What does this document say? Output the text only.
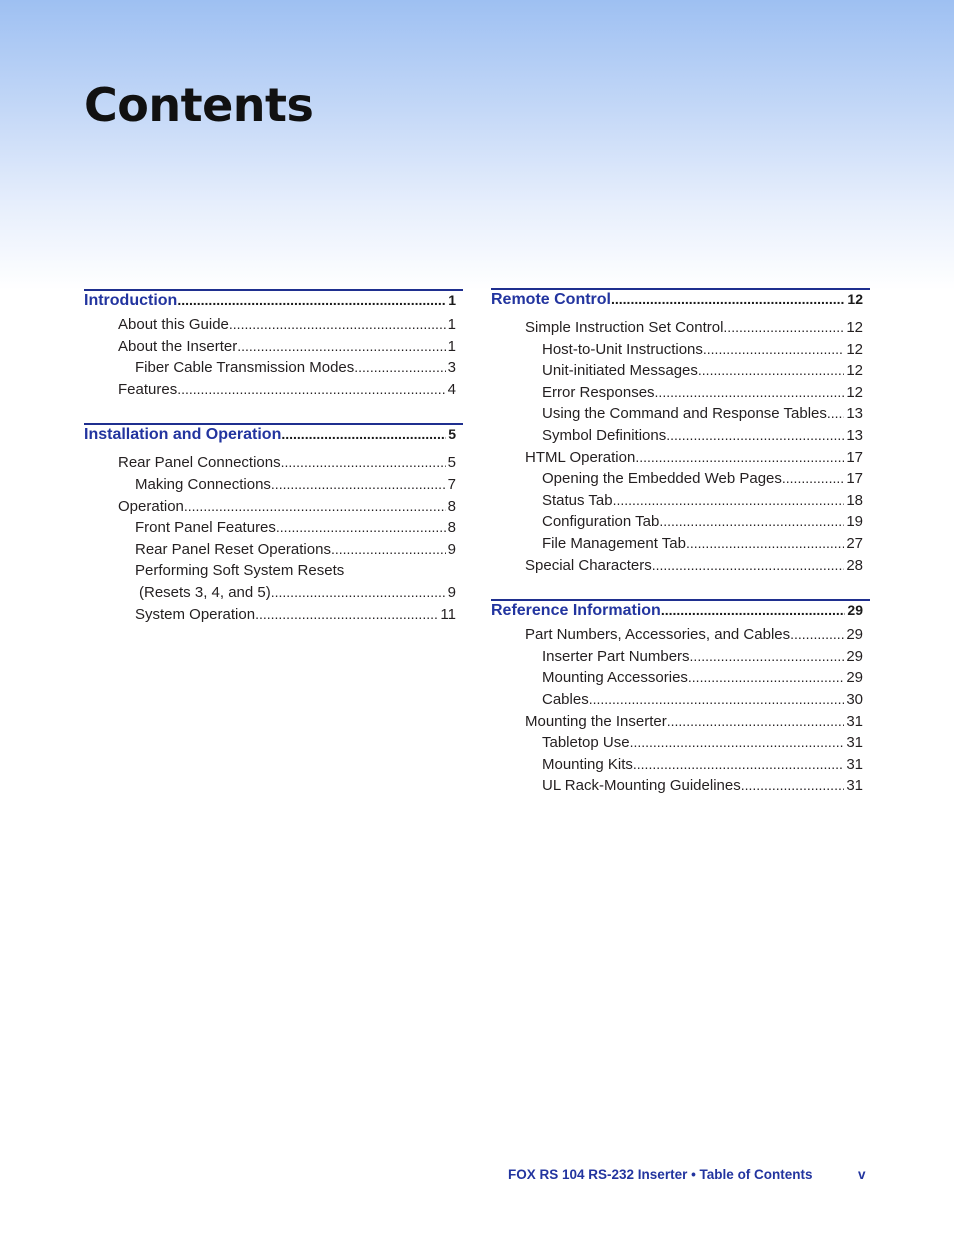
Contents
Introduction .....	1
About this Guide .....	1
About the Inserter .....	1
Fiber Cable Transmission Modes .....	3
Features .....	4
Installation and Operation .....	5
Rear Panel Connections .....	5
Making Connections .....	7
Operation .....	8
Front Panel Features .....	8
Rear Panel Reset Operations .....	9
Performing Soft System Resets
(Resets 3, 4, and 5) .....	9
System Operation .....	11
Remote Control .....	12
Simple Instruction Set Control .....	12
Host-to-Unit Instructions .....	12
Unit-initiated Messages .....	12
Error Responses .....	12
Using the Command and Response Tables ..... 13
Symbol Definitions .....	13
HTML Operation .....	17
Opening the Embedded Web Pages .....	17
Status Tab .....	18
Configuration Tab .....	19
File Management Tab .....	27
Special Characters .....	28
Reference Information .....	29
Part Numbers, Accessories, and Cables .....	29
Inserter Part Numbers .....	29
Mounting Accessories .....	29
Cables .....	30
Mounting the Inserter .....	31
Tabletop Use .....	31
Mounting Kits .....	31
UL Rack-Mounting Guidelines .....	31
FOX RS 104 RS-232 Inserter • Table of Contents	v
